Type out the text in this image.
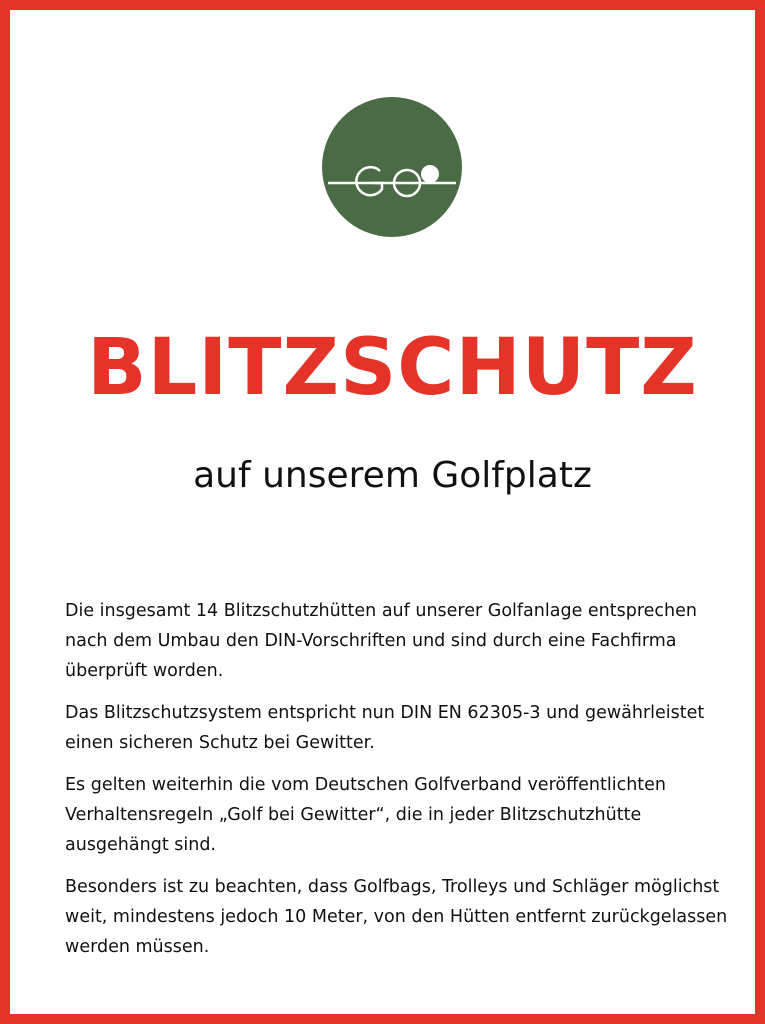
BLITZSCHUTZ
auf unserem Golfplatz

Die insgesamt 14 Blitzschutzhütten auf unserer Golfanlage entsprechen nach dem Umbau den DIN-Vorschriften und sind durch eine Fachfirma überprüft worden.

Das Blitzschutzsystem entspricht nun DIN EN 62305-3 und gewährleistet einen sicheren Schutz bei Gewitter.

Es gelten weiterhin die vom Deutschen Golfverband veröffentlichten Verhaltensregeln „Golf bei Gewitter“, die in jeder Blitzschutzhütte ausgehängt sind.

Besonders ist zu beachten, dass Golfbags, Trolleys und Schläger möglichst weit, mindestens jedoch 10 Meter, von den Hütten entfernt zurückgelassen werden müssen.
